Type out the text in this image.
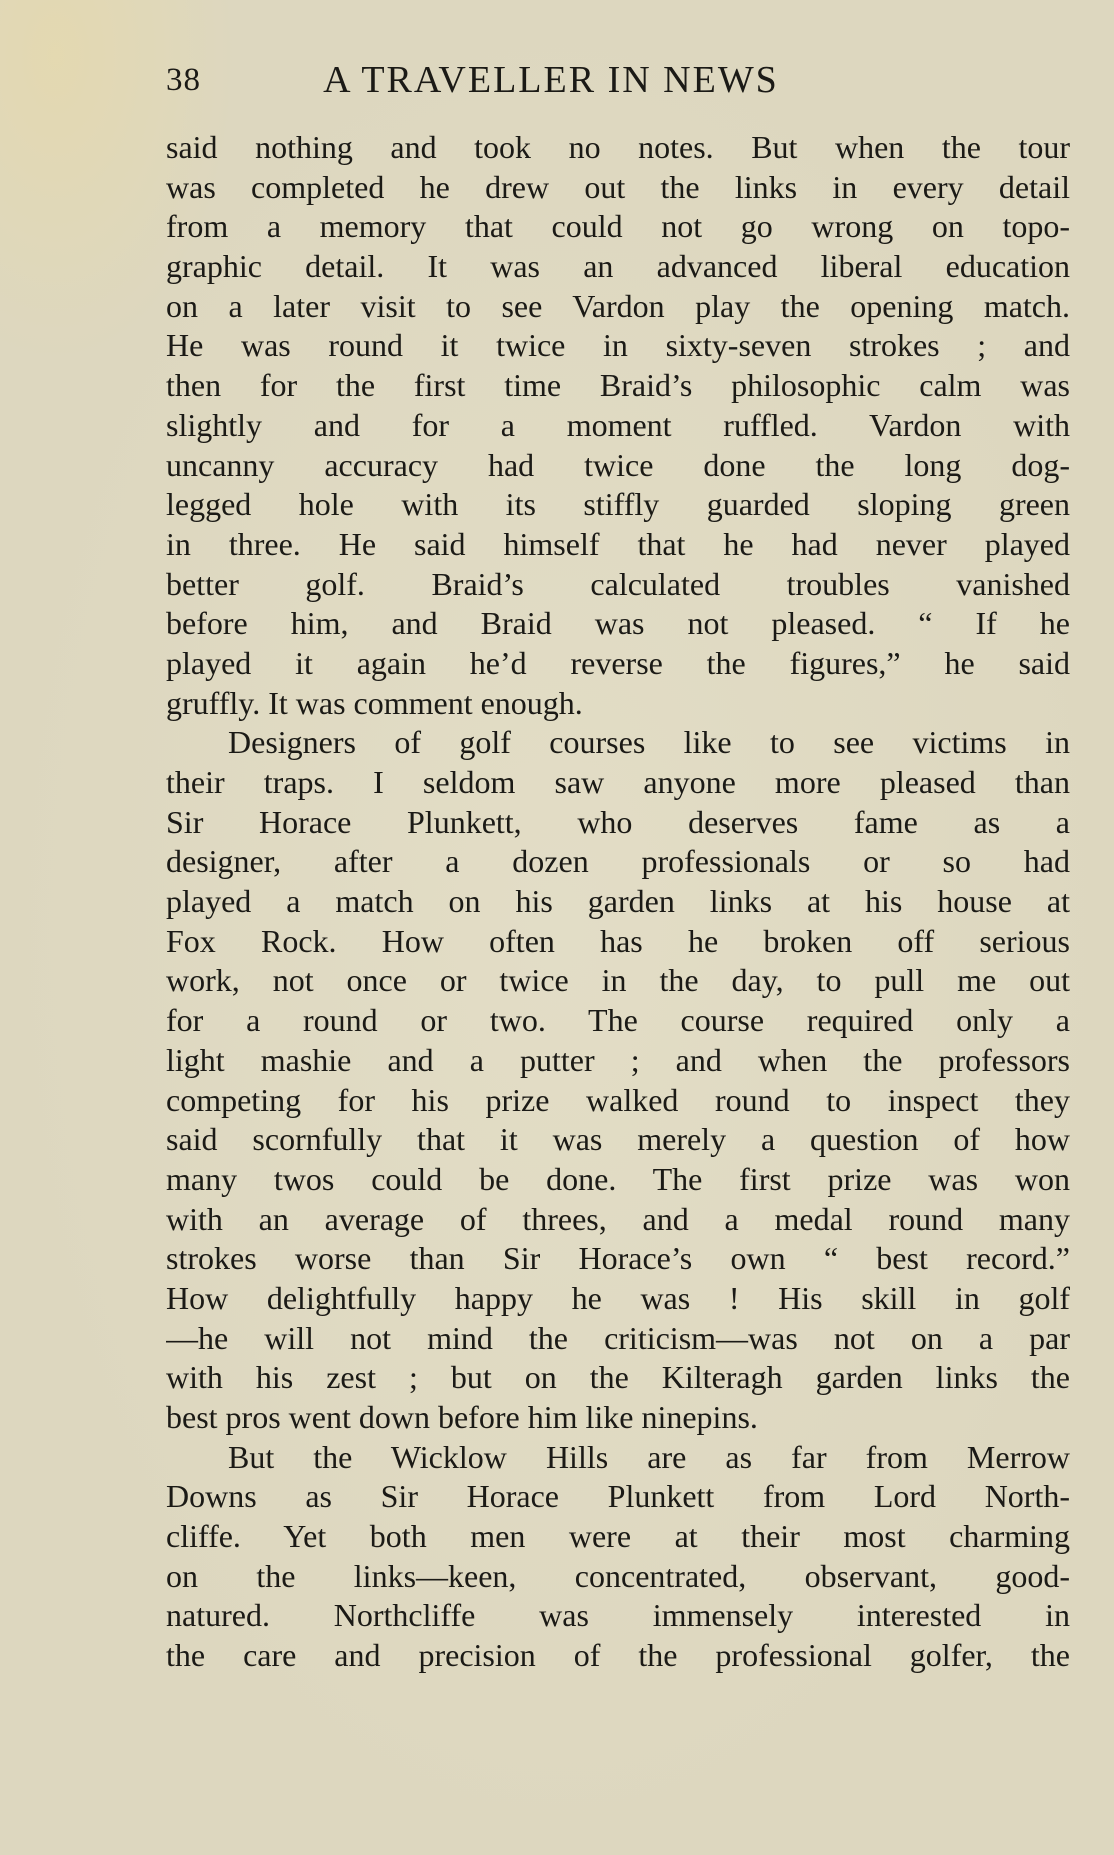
38	A TRAVELLER IN NEWS
said nothing and took no notes. But when the tour
was completed he drew out the links in every detail
from a memory that could not go wrong on topo-
graphic detail. It was an advanced liberal education
on a later visit to see Vardon play the opening match.
He was round it twice in sixty-seven strokes ; and
then for the first time Braid’s philosophic calm was
slightly and for a moment ruffled. Vardon with
uncanny accuracy had twice done the long dog-
legged hole with its stiffly guarded sloping green
in three. He said himself that he had never played
better golf. Braid’s calculated troubles vanished
before him, and Braid was not pleased. “ If he
played it again he’d reverse the figures,” he said
gruffly. It was comment enough.
Designers of golf courses like to see victims in
their traps. I seldom saw anyone more pleased than
Sir Horace Plunkett, who deserves fame as a
designer, after a dozen professionals or so had
played a match on his garden links at his house at
Fox Rock. How often has he broken off serious
work, not once or twice in the day, to pull me out
for a round or two. The course required only a
light mashie and a putter ; and when the professors
competing for his prize walked round to inspect they
said scornfully that it was merely a question of how
many twos could be done. The first prize was won
with an average of threes, and a medal round many
strokes worse than Sir Horace’s own “ best record.”
How delightfully happy he was ! His skill in golf
—he will not mind the criticism—was not on a par
with his zest ; but on the Kilteragh garden links the
best pros went down before him like ninepins.
But the Wicklow Hills are as far from Merrow
Downs as Sir Horace Plunkett from Lord North-
cliffe. Yet both men were at their most charming
on the links—keen, concentrated, observant, good-
natured. Northcliffe was immensely interested in
the care and precision of the professional golfer, the
